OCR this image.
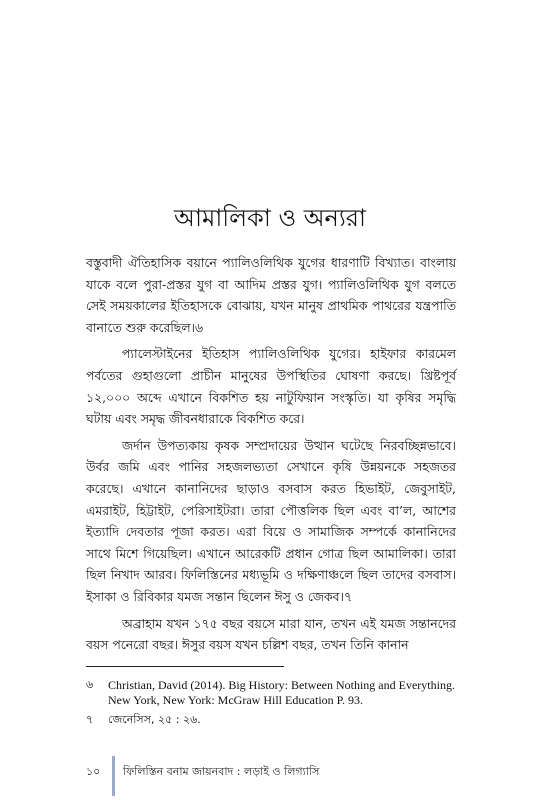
আমালিকা ও অন্যরা

বস্তুবাদী ঐতিহাসিক বয়ানে প্যালিওলিথিক যুগের ধারণাটি বিখ্যাত। বাংলায় যাকে বলে পুরা-প্রস্তর যুগ বা আদিম প্রস্তর যুগ। প্যালিওলিথিক যুগ বলতে সেই সময়কালের ইতিহাসকে বোঝায়, যখন মানুষ প্রাথমিক পাথরের যন্ত্রপাতি বানাতে শুরু করেছিল।৬

প্যালেস্টাইনের ইতিহাস প্যালিওলিথিক যুগের। হাইফার কারমেল পর্বতের গুহাগুলো প্রাচীন মানুষের উপস্থিতির ঘোষণা করছে। খ্রিষ্টপূর্ব ১২,০০০ অব্দে এখানে বিকশিত হয় নাটুফিয়ান সংস্কৃতি। যা কৃষির সমৃদ্ধি ঘটায় এবং সমৃদ্ধ জীবনধারাকে বিকশিত করে।

জর্দান উপত্যকায় কৃষক সম্প্রদায়ের উত্থান ঘটেছে নিরবচ্ছিন্নভাবে। উর্বর জমি এবং পানির সহজলভ্যতা সেখানে কৃষি উন্নয়নকে সহজতর করেছে। এখানে কানানিদের ছাড়াও বসবাস করত হিভাইট, জেবুসাইট, এমরাইট, হিট্টাইট, পেরিসাইটরা। তারা পৌত্তলিক ছিল এবং বা’ল, আশের ইত্যাদি দেবতার পূজা করত। এরা বিয়ে ও সামাজিক সম্পর্কে কানানিদের সাথে মিশে গিয়েছিল। এখানে আরেকটি প্রধান গোত্র ছিল আমালিকা। তারা ছিল নিখাদ আরব। ফিলিস্তিনের মধ্যভূমি ও দক্ষিণাঞ্চলে ছিল তাদের বসবাস। ইসাকা ও রিবিকার যমজ সন্তান ছিলেন ঈসু ও জেকব।৭

অব্রাহাম যখন ১৭৫ বছর বয়সে মারা যান, তখন এই যমজ সন্তানদের বয়স পনেরো বছর। ঈসুর বয়স যখন চল্লিশ বছর, তখন তিনি কানান

৬	Christian, David (2014). Big History: Between Nothing and Everything. New York, New York: McGraw Hill Education P. 93.
৭	জেনেসিস, ২৫ : ২৬.
১০	ফিলিস্তিন বনাম জায়নবাদ : লড়াই ও লিগ্যাসি
